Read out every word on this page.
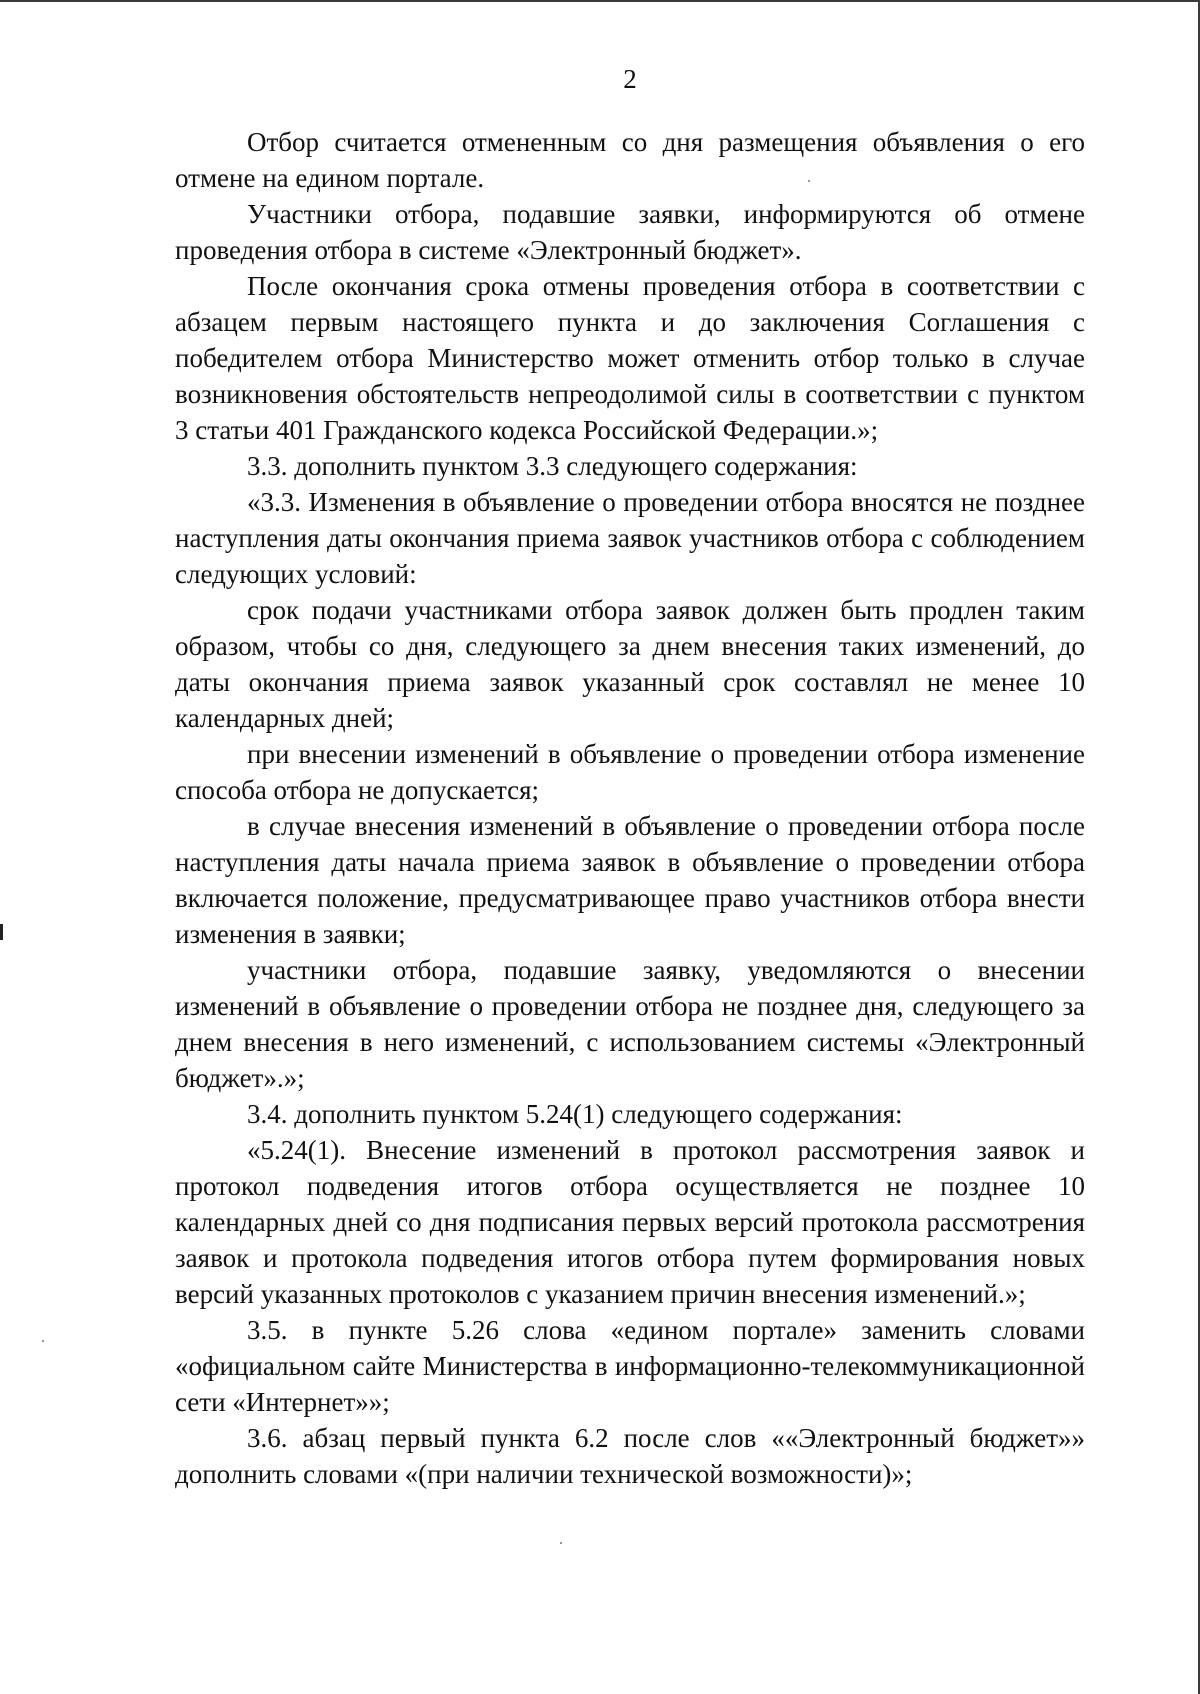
2

Отбор считается отмененным со дня размещения объявления о его отмене на едином портале.

Участники отбора, подавшие заявки, информируются об отмене проведения отбора в системе «Электронный бюджет».

После окончания срока отмены проведения отбора в соответствии с абзацем первым настоящего пункта и до заключения Соглашения с победителем отбора Министерство может отменить отбор только в случае возникновения обстоятельств непреодолимой силы в соответствии с пунктом 3 статьи 401 Гражданского кодекса Российской Федерации.»;

3.3. дополнить пунктом 3.3 следующего содержания:

«3.3. Изменения в объявление о проведении отбора вносятся не позднее наступления даты окончания приема заявок участников отбора с соблюдением следующих условий:

срок подачи участниками отбора заявок должен быть продлен таким образом, чтобы со дня, следующего за днем внесения таких изменений, до даты окончания приема заявок указанный срок составлял не менее 10 календарных дней;

при внесении изменений в объявление о проведении отбора изменение способа отбора не допускается;

в случае внесения изменений в объявление о проведении отбора после наступления даты начала приема заявок в объявление о проведении отбора включается положение, предусматривающее право участников отбора внести изменения в заявки;

участники отбора, подавшие заявку, уведомляются о внесении изменений в объявление о проведении отбора не позднее дня, следующего за днем внесения в него изменений, с использованием системы «Электронный бюджет».»;

3.4. дополнить пунктом 5.24(1) следующего содержания:

«5.24(1). Внесение изменений в протокол рассмотрения заявок и протокол подведения итогов отбора осуществляется не позднее 10 календарных дней со дня подписания первых версий протокола рассмотрения заявок и протокола подведения итогов отбора путем формирования новых версий указанных протоколов с указанием причин внесения изменений.»;

3.5. в пункте 5.26 слова «едином портале» заменить словами «официальном сайте Министерства в информационно-телекоммуникационной сети «Интернет»»;

3.6. абзац первый пункта 6.2 после слов ««Электронный бюджет»» дополнить словами «(при наличии технической возможности)»;
